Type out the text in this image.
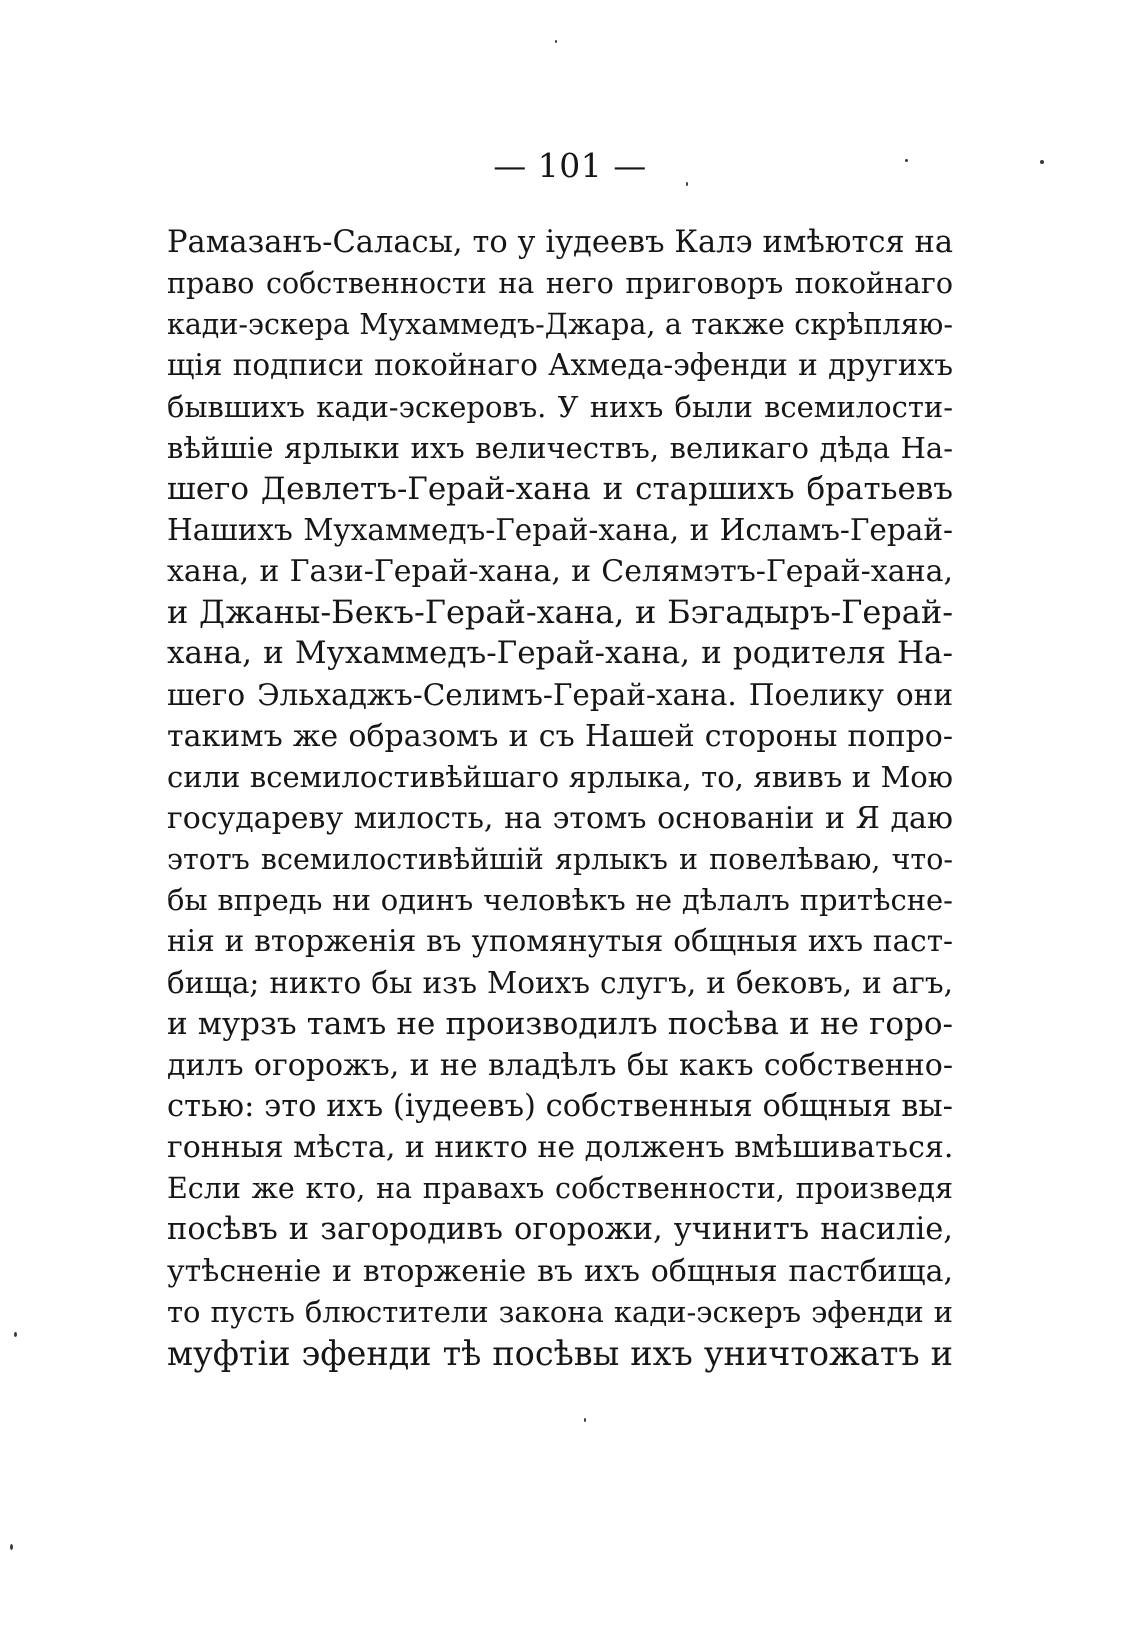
— 101 —
Рамазанъ-Саласы, то у іудеевъ Калэ имѣются на
право собственности на него приговоръ покойнаго
кади-эскера Мухаммедъ-Джара, а также скрѣпляю-
щія подписи покойнаго Ахмеда-эфенди и другихъ
бывшихъ кади-эскеровъ. У нихъ были всемилости-
вѣйшіе ярлыки ихъ величествъ, великаго дѣда На-
шего Девлетъ-Герай-хана и старшихъ братьевъ
Нашихъ Мухаммедъ-Герай-хана, и Исламъ-Герай-
хана, и Гази-Герай-хана, и Селямэтъ-Герай-хана,
и Джаны-Бекъ-Герай-хана, и Бэгадыръ-Герай-
хана, и Мухаммедъ-Герай-хана, и родителя На-
шего Эльхаджъ-Селимъ-Герай-хана. Поелику они
такимъ же образомъ и съ Нашей стороны попро-
сили всемилостивѣйшаго ярлыка, то, явивъ и Мою
государеву милость, на этомъ основаніи и Я даю
этотъ всемилостивѣйшій ярлыкъ и повелѣваю, что-
бы впредь ни одинъ человѣкъ не дѣлалъ притѣсне-
нія и вторженія въ упомянутыя общныя ихъ паст-
бища; никто бы изъ Моихъ слугъ, и бековъ, и агъ,
и мурзъ тамъ не производилъ посѣва и не горо-
дилъ огорожъ, и не владѣлъ бы какъ собственно-
стью: это ихъ (іудеевъ) собственныя общныя вы-
гонныя мѣста, и никто не долженъ вмѣшиваться.
Если же кто, на правахъ собственности, произведя
посѣвъ и загородивъ огорожи, учинитъ насиліе,
утѣсненіе и вторженіе въ ихъ общныя пастбища,
то пусть блюстители закона кади-эскеръ эфенди и
муфтіи эфенди тѣ посѣвы ихъ уничтожатъ и
